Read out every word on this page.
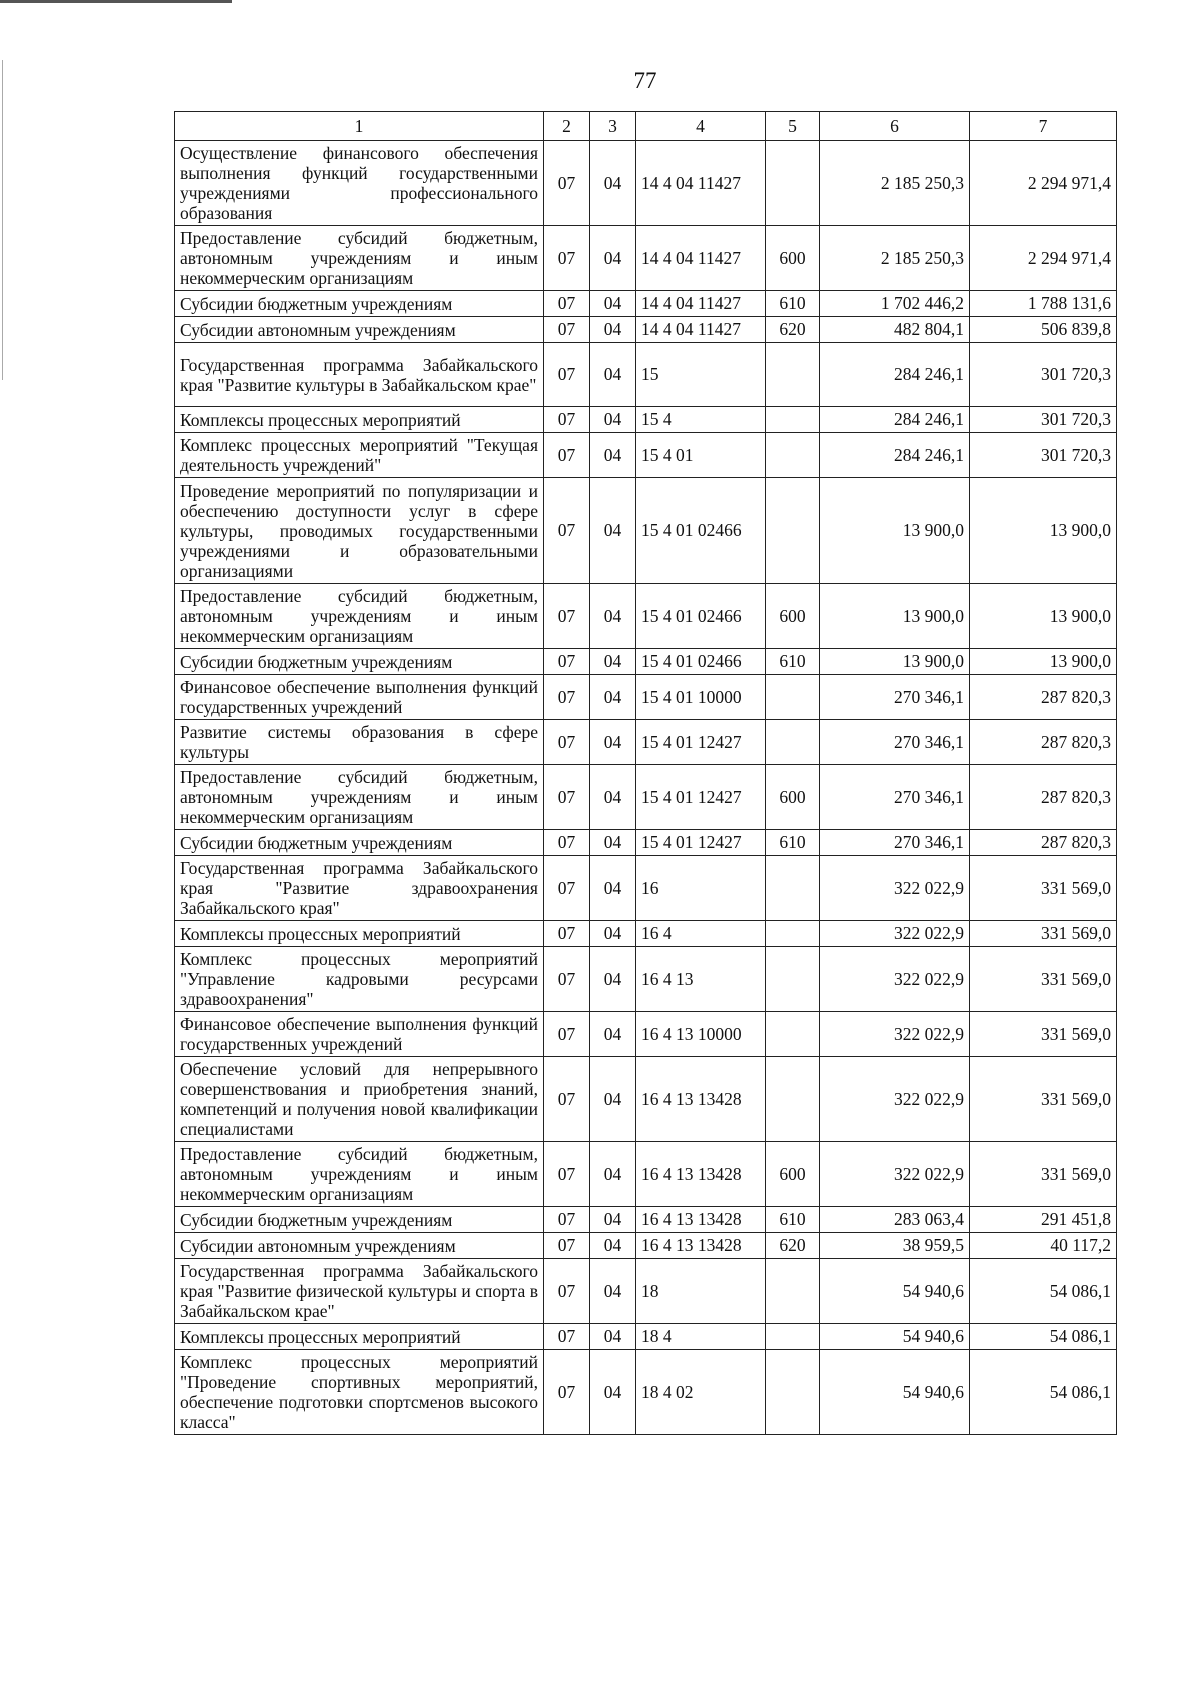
77
1	2	3	4	5	6	7
Осуществление финансового обеспечения выполнения функций государственными учреждениями профессионального образования	07	04	14 4 04 11427		2 185 250,3	2 294 971,4
Предоставление субсидий бюджетным, автономным учреждениям и иным некоммерческим организациям	07	04	14 4 04 11427	600	2 185 250,3	2 294 971,4
Субсидии бюджетным учреждениям	07	04	14 4 04 11427	610	1 702 446,2	1 788 131,6
Субсидии автономным учреждениям	07	04	14 4 04 11427	620	482 804,1	506 839,8
Государственная программа Забайкальского края "Развитие культуры в Забайкальском крае"	07	04	15		284 246,1	301 720,3
Комплексы процессных мероприятий	07	04	15 4		284 246,1	301 720,3
Комплекс процессных мероприятий "Текущая деятельность учреждений"	07	04	15 4 01		284 246,1	301 720,3
Проведение мероприятий по популяризации и обеспечению доступности услуг в сфере культуры, проводимых государственными учреждениями и образовательными организациями	07	04	15 4 01 02466		13 900,0	13 900,0
Предоставление субсидий бюджетным, автономным учреждениям и иным некоммерческим организациям	07	04	15 4 01 02466	600	13 900,0	13 900,0
Субсидии бюджетным учреждениям	07	04	15 4 01 02466	610	13 900,0	13 900,0
Финансовое обеспечение выполнения функций государственных учреждений	07	04	15 4 01 10000		270 346,1	287 820,3
Развитие системы образования в сфере культуры	07	04	15 4 01 12427		270 346,1	287 820,3
Предоставление субсидий бюджетным, автономным учреждениям и иным некоммерческим организациям	07	04	15 4 01 12427	600	270 346,1	287 820,3
Субсидии бюджетным учреждениям	07	04	15 4 01 12427	610	270 346,1	287 820,3
Государственная программа Забайкальского края "Развитие здравоохранения Забайкальского края"	07	04	16		322 022,9	331 569,0
Комплексы процессных мероприятий	07	04	16 4		322 022,9	331 569,0
Комплекс процессных мероприятий "Управление кадровыми ресурсами здравоохранения"	07	04	16 4 13		322 022,9	331 569,0
Финансовое обеспечение выполнения функций государственных учреждений	07	04	16 4 13 10000		322 022,9	331 569,0
Обеспечение условий для непрерывного совершенствования и приобретения знаний, компетенций и получения новой квалификации специалистами	07	04	16 4 13 13428		322 022,9	331 569,0
Предоставление субсидий бюджетным, автономным учреждениям и иным некоммерческим организациям	07	04	16 4 13 13428	600	322 022,9	331 569,0
Субсидии бюджетным учреждениям	07	04	16 4 13 13428	610	283 063,4	291 451,8
Субсидии автономным учреждениям	07	04	16 4 13 13428	620	38 959,5	40 117,2
Государственная программа Забайкальского края "Развитие физической культуры и спорта в Забайкальском крае"	07	04	18		54 940,6	54 086,1
Комплексы процессных мероприятий	07	04	18 4		54 940,6	54 086,1
Комплекс процессных мероприятий "Проведение спортивных мероприятий, обеспечение подготовки спортсменов высокого класса"	07	04	18 4 02		54 940,6	54 086,1
